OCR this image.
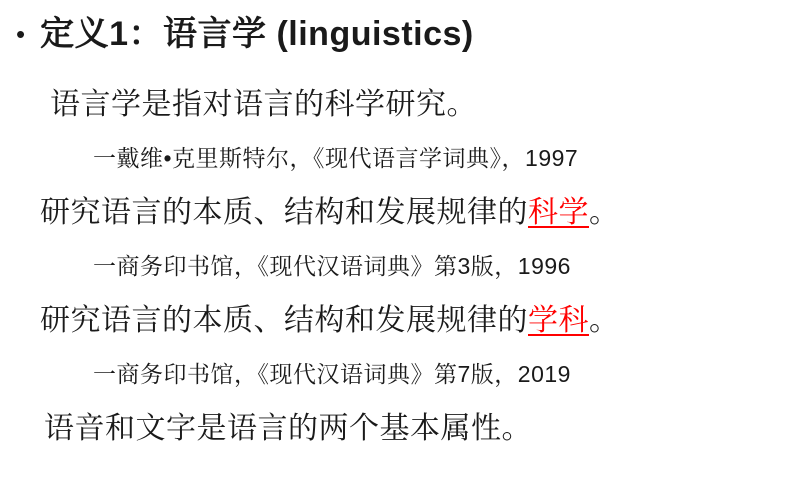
• 定义1：语言学 (linguistics)
语言学是指对语言的科学研究。
一戴维•克里斯特尔，《现代语言学词典》，1997
研究语言的本质、结构和发展规律的科学。
一商务印书馆，《现代汉语词典》第3版，1996
研究语言的本质、结构和发展规律的学科。
一商务印书馆，《现代汉语词典》第7版，2019
语音和文字是语言的两个基本属性。
